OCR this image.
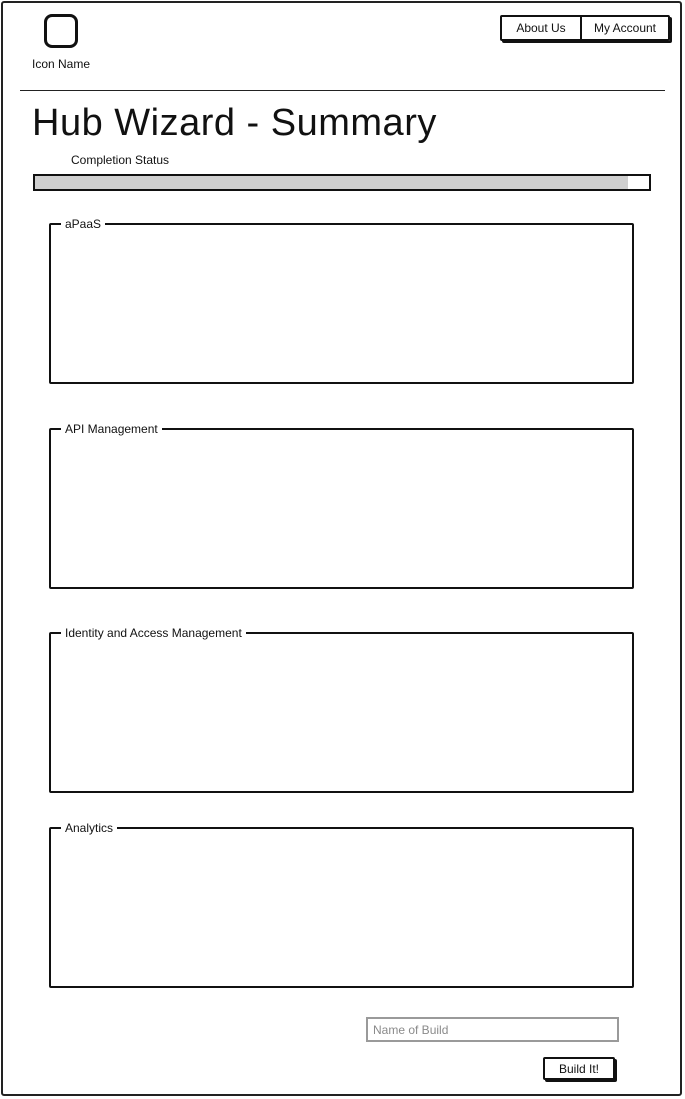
Icon Name
About Us	My Account
Hub Wizard - Summary
Completion Status
aPaaS
API Management
Identity and Access Management
Analytics
Name of Build
Build It!
